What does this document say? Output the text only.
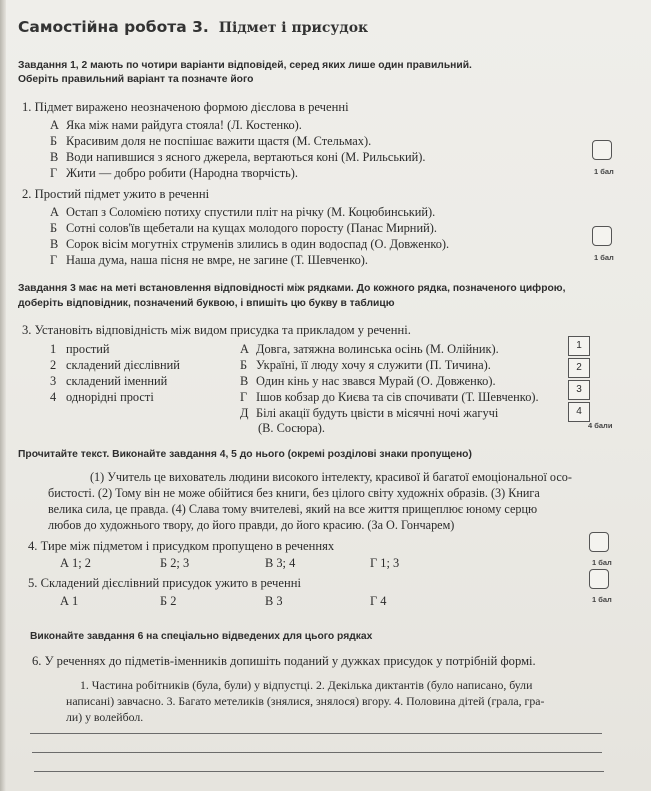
Самостійна робота 3. Підмет і присудок
Завдання 1, 2 мають по чотири варіанти відповідей, серед яких лише один правильний.
Оберіть правильний варіант та позначте його
1. Підмет виражено неозначеною формою дієслова в реченні
А Яка між нами райдуга стояла! (Л. Костенко).
Б Красивим доля не поспішає важити щастя (М. Стельмах).
В Води напившися з ясного джерела, вертаються коні (М. Рильський).
Г Жити — добро робити (Народна творчість).	1 бал
2. Простий підмет ужито в реченні
А Остап з Соломією потиху спустили пліт на річку (М. Коцюбинський).
Б Сотні солов'їв щебетали на кущах молодого поросту (Панас Мирний).
В Сорок вісім могутніх струменів злились в один водоспад (О. Довженко).
Г Наша дума, наша пісня не вмре, не загине (Т. Шевченко).	1 бал
Завдання 3 має на меті встановлення відповідності між рядками. До кожного рядка, позначеного цифрою,
доберіть відповідник, позначений буквою, і впишіть цю букву в таблицю
3. Установіть відповідність між видом присудка та прикладом у реченні.
1 простий
2 складений дієслівний
3 складений іменний
4 однорідні прості
А Довга, затяжна волинська осінь (М. Олійник).
Б Україні, її люду хочу я служити (П. Тичина).
В Один кінь у нас звався Мурай (О. Довженко).
Г Ішов кобзар до Києва та сів спочивати (Т. Шевченко).
Д Білі акації будуть цвісти в місячні ночі жагучі
(В. Сосюра).
1
2
3
4
4 бали
Прочитайте текст. Виконайте завдання 4, 5 до нього (окремі розділові знаки пропущено)
(1) Учитель це вихователь людини високого інтелекту, красивої й багатої емоціональної осо-
бистості. (2) Тому він не може обійтися без книги, без цілого світу художніх образів. (3) Книга
велика сила, це правда. (4) Слава тому вчителеві, який на все життя прищеплює юному серцю
любов до художнього твору, до його правди, до його красию. (За О. Гончарем)
4. Тире між підметом і присудком пропущено в реченнях
А 1; 2	Б 2; 3	В 3; 4	Г 1; 3	1 бал
5. Складений дієслівний присудок ужито в реченні
А 1	Б 2	В 3	Г 4	1 бал
Виконайте завдання 6 на спеціально відведених для цього рядках
6. У реченнях до підметів-іменників допишіть поданий у дужках присудок у потрібній формі.
1. Частина робітників (була, були) у відпустці. 2. Декілька диктантів (було написано, були
написані) завчасно. 3. Багато метеликів (знялися, знялося) вгору. 4. Половина дітей (грала, гра-
ли) у волейбол.
